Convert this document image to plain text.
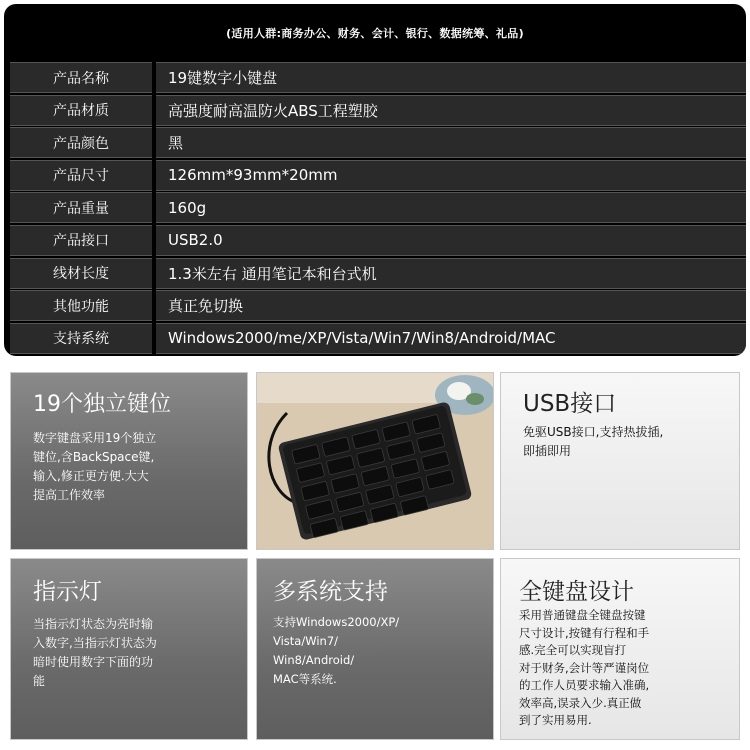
(适用人群:商务办公、财务、会计、银行、数据统筹、礼品)
产品名称	19键数字小键盘
产品材质	高强度耐高温防火ABS工程塑胶
产品颜色	黑
产品尺寸	126mm*93mm*20mm
产品重量	160g
产品接口	USB2.0
线材长度	1.3米左右 通用笔记本和台式机
其他功能	真正免切换
支持系统	Windows2000/me/XP/Vista/Win7/Win8/Android/MAC
19个独立键位
数字键盘采用19个独立
键位,含BackSpace键,
输入,修正更方便.大大
提高工作效率
USB接口
免驱USB接口,支持热拔插,
即插即用
指示灯
当指示灯状态为亮时输
入数字,当指示灯状态为
暗时使用数字下面的功
能
多系统支持
支持Windows2000/XP/
Vista/Win7/
Win8/Android/
MAC等系统.
全键盘设计
采用普通键盘全键盘按键
尺寸设计,按键有行程和手
感.完全可以实现盲打
对于财务,会计等严谨岗位
的工作人员要求输入准确,
效率高,误录入少.真正做
到了实用易用.
